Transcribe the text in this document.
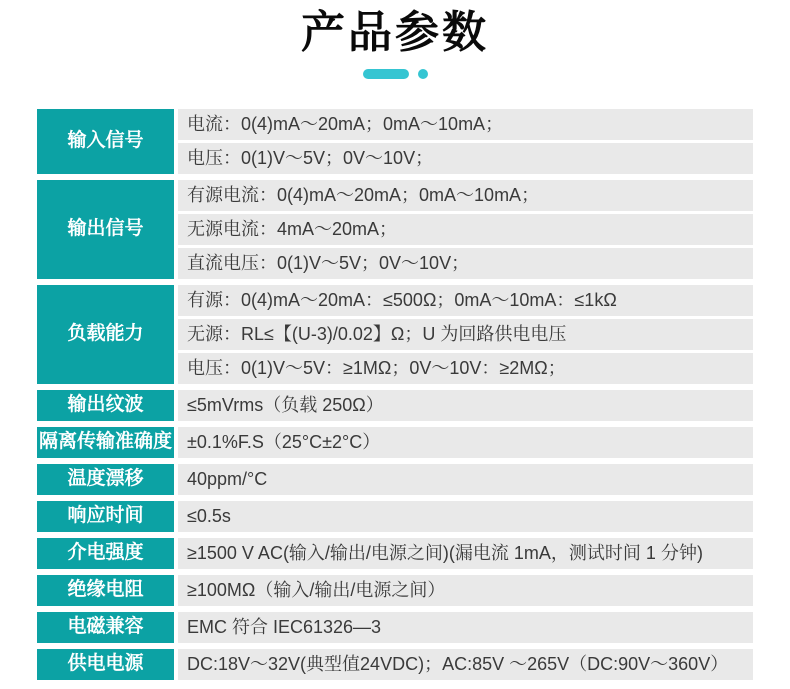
产品参数
输入信号
电流：0(4)mA～20mA；0mA～10mA；
电压：0(1)V～5V；0V～10V；
输出信号
有源电流：0(4)mA～20mA；0mA～10mA；
无源电流：4mA～20mA；
直流电压：0(1)V～5V；0V～10V；
负载能力
有源：0(4)mA～20mA：≤500Ω；0mA～10mA：≤1kΩ
无源：RL≤【(U-3)/0.02】Ω；U 为回路供电电压
电压：0(1)V～5V：≥1MΩ；0V～10V：≥2MΩ；
输出纹波	≤5mVrms（负载 250Ω）
隔离传输准确度 ±0.1%F.S（25°C±2°C）
温度漂移	40ppm/°C
响应时间	≤0.5s
介电强度	≥1500 V AC(输入/输出/电源之间)(漏电流 1mA，测试时间 1 分钟)
绝缘电阻	≥100MΩ（输入/输出/电源之间）
电磁兼容	EMC 符合 IEC61326—3
供电电源	DC:18V～32V(典型值24VDC)；AC:85V ～265V（DC:90V～360V）
